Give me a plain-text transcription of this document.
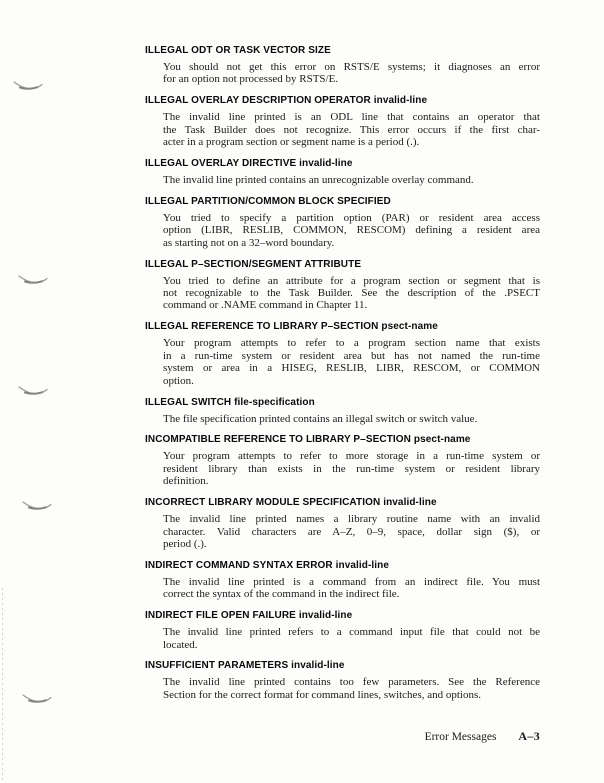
ILLEGAL ODT OR TASK VECTOR SIZE
You should not get this error on RSTS/E systems; it diagnoses an error
for an option not processed by RSTS/E.
ILLEGAL OVERLAY DESCRIPTION OPERATOR invalid-line
The invalid line printed is an ODL line that contains an operator that
the Task Builder does not recognize. This error occurs if the first char-
acter in a program section or segment name is a period (.).
ILLEGAL OVERLAY DIRECTIVE invalid-line
The invalid line printed contains an unrecognizable overlay command.
ILLEGAL PARTITION/COMMON BLOCK SPECIFIED
You tried to specify a partition option (PAR) or resident area access
option (LIBR, RESLIB, COMMON, RESCOM) defining a resident area
as starting not on a 32–word boundary.
ILLEGAL P–SECTION/SEGMENT ATTRIBUTE
You tried to define an attribute for a program section or segment that is
not recognizable to the Task Builder. See the description of the .PSECT
command or .NAME command in Chapter 11.
ILLEGAL REFERENCE TO LIBRARY P–SECTION psect-name
Your program attempts to refer to a program section name that exists
in a run-time system or resident area but has not named the run-time
system or area in a HISEG, RESLIB, LIBR, RESCOM, or COMMON
option.
ILLEGAL SWITCH file-specification
The file specification printed contains an illegal switch or switch value.
INCOMPATIBLE REFERENCE TO LIBRARY P–SECTION psect-name
Your program attempts to refer to more storage in a run-time system or
resident library than exists in the run-time system or resident library
definition.
INCORRECT LIBRARY MODULE SPECIFICATION invalid-line
The invalid line printed names a library routine name with an invalid
character. Valid characters are A–Z, 0–9, space, dollar sign ($), or
period (.).
INDIRECT COMMAND SYNTAX ERROR invalid-line
The invalid line printed is a command from an indirect file. You must
correct the syntax of the command in the indirect file.
INDIRECT FILE OPEN FAILURE invalid-line
The invalid line printed refers to a command input file that could not be
located.
INSUFFICIENT PARAMETERS invalid-line
The invalid line printed contains too few parameters. See the Reference
Section for the correct format for command lines, switches, and options.
Error Messages A–3
